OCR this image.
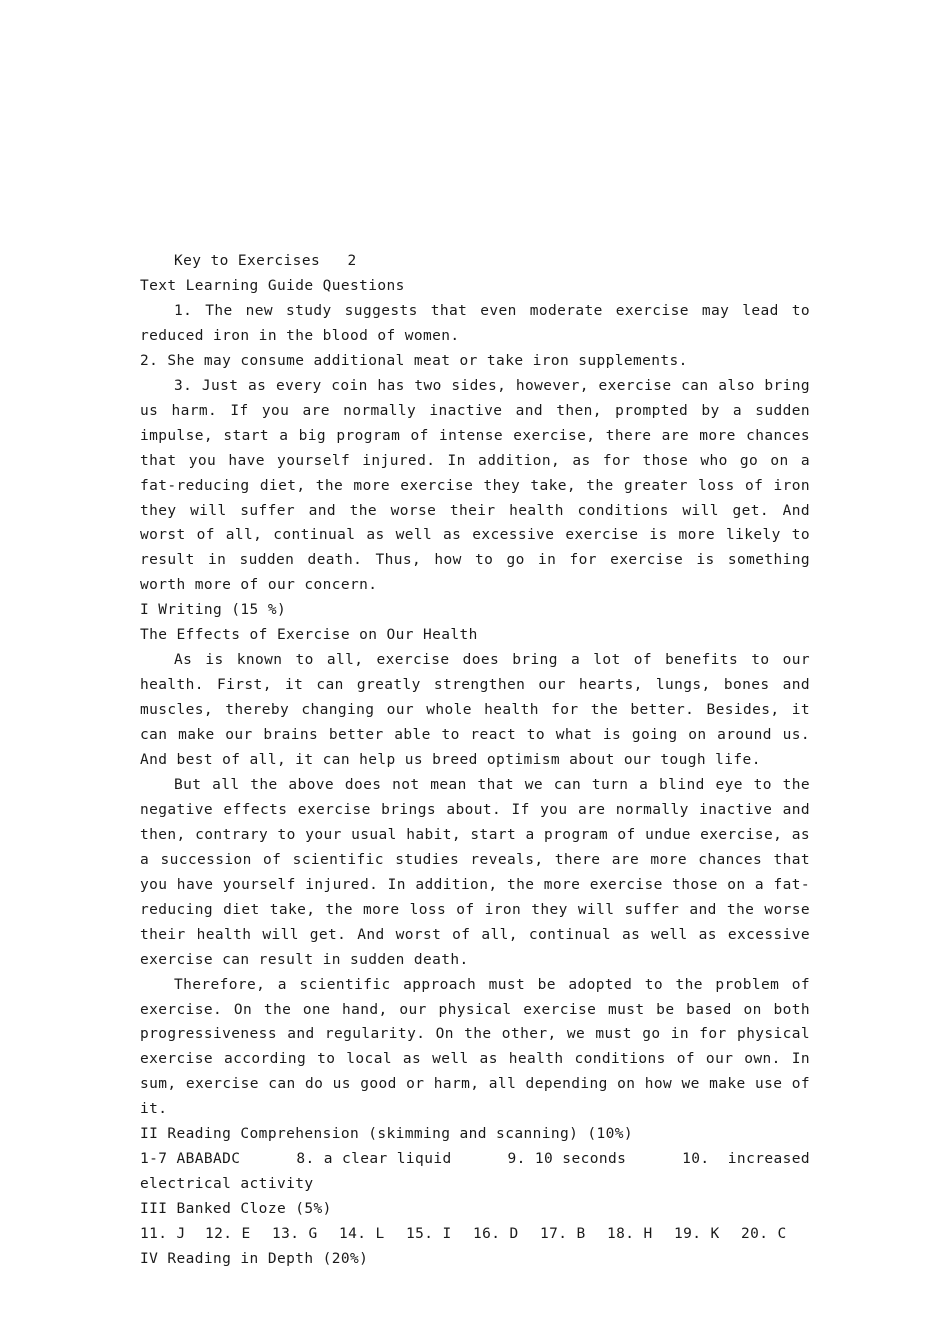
Key to Exercises   2
Text Learning Guide Questions
1. The new study suggests that even moderate exercise may lead to reduced iron in the blood of women.
2. She may consume additional meat or take iron supplements.
3. Just as every coin has two sides, however, exercise can also bring us harm. If you are normally inactive and then, prompted by a sudden impulse, start a big program of intense exercise, there are more chances that you have yourself injured. In addition, as for those who go on a fat-reducing diet, the more exercise they take, the greater loss of iron they will suffer and the worse their health conditions will get. And worst of all, continual as well as excessive exercise is more likely to result in sudden death. Thus, how to go in for exercise is something worth more of our concern.
I Writing (15 %)
The Effects of Exercise on Our Health
As is known to all, exercise does bring a lot of benefits to our health. First, it can greatly strengthen our hearts, lungs, bones and muscles, thereby changing our whole health for the better. Besides, it can make our brains better able to react to what is going on around us. And best of all, it can help us breed optimism about our tough life.
But all the above does not mean that we can turn a blind eye to the negative effects exercise brings about. If you are normally inactive and then, contrary to your usual habit, start a program of undue exercise, as a succession of scientific studies reveals, there are more chances that you have yourself injured. In addition, the more exercise those on a fat-reducing diet take, the more loss of iron they will suffer and the worse their health will get. And worst of all, continual as well as excessive exercise can result in sudden death.
Therefore, a scientific approach must be adopted to the problem of exercise. On the one hand, our physical exercise must be based on both progressiveness and regularity. On the other, we must go in for physical exercise according to local as well as health conditions of our own. In sum, exercise can do us good or harm, all depending on how we make use of it.
II Reading Comprehension (skimming and scanning) (10%)
1-7 ABABADC	8. a clear liquid	9. 10 seconds	10.  increased
electrical activity
III Banked Cloze (5%)
11. J	12. E	13. G	14. L	15. I	16. D	17. B	18. H	19. K	20. C
IV Reading in Depth (20%)
